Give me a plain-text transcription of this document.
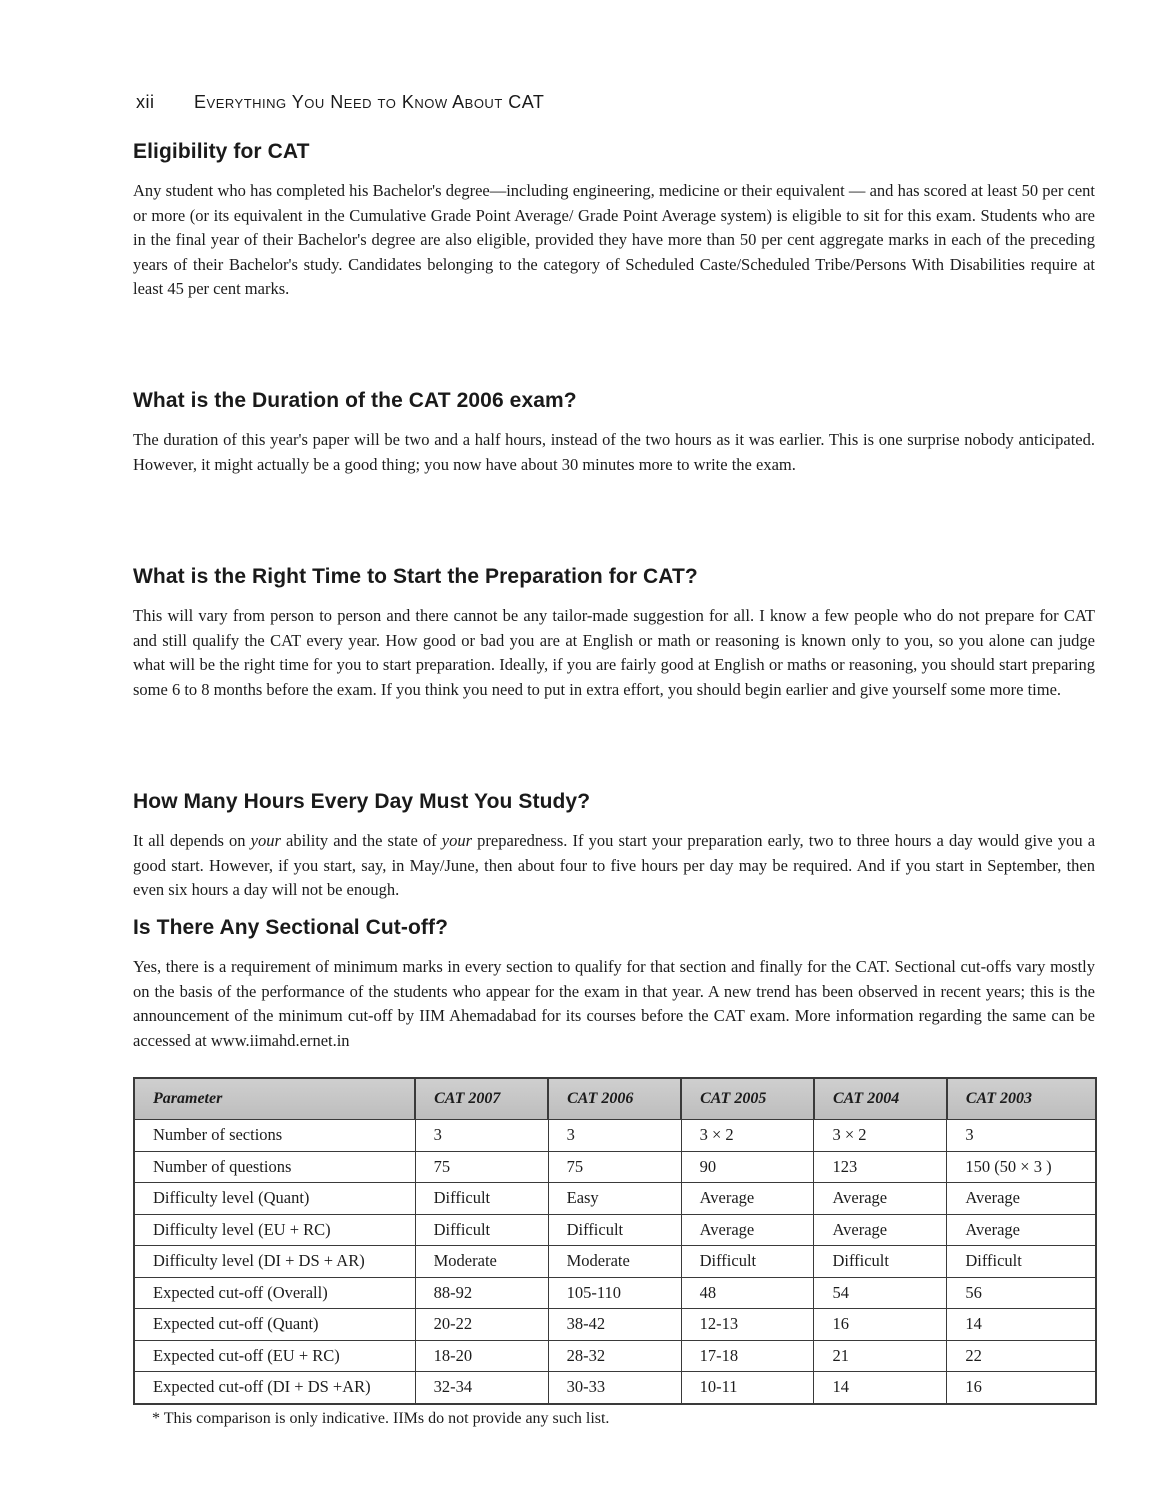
xii Everything You Need to Know About CAT
Eligibility for CAT

Any student who has completed his Bachelor's degree—including engineering, medicine or their equivalent — and has scored at least 50 per cent or more (or its equivalent in the Cumulative Grade Point Average/ Grade Point Average system) is eligible to sit for this exam. Students who are in the final year of their Bachelor's degree are also eligible, provided they have more than 50 per cent aggregate marks in each of the preceding years of their Bachelor's study. Candidates belonging to the category of Scheduled Caste/Scheduled Tribe/Persons With Disabilities require at least 45 per cent marks.

What is the Duration of the CAT 2006 exam?

The duration of this year's paper will be two and a half hours, instead of the two hours as it was earlier. This is one surprise nobody anticipated. However, it might actually be a good thing; you now have about 30 minutes more to write the exam.

What is the Right Time to Start the Preparation for CAT?

This will vary from person to person and there cannot be any tailor-made suggestion for all. I know a few people who do not prepare for CAT and still qualify the CAT every year. How good or bad you are at English or math or reasoning is known only to you, so you alone can judge what will be the right time for you to start preparation. Ideally, if you are fairly good at English or maths or reasoning, you should start preparing some 6 to 8 months before the exam. If you think you need to put in extra effort, you should begin earlier and give yourself some more time.

How Many Hours Every Day Must You Study?

It all depends on your ability and the state of your preparedness. If you start your preparation early, two to three hours a day would give you a good start. However, if you start, say, in May/June, then about four to five hours per day may be required. And if you start in September, then even six hours a day will not be enough.

Is There Any Sectional Cut-off?

Yes, there is a requirement of minimum marks in every section to qualify for that section and finally for the CAT. Sectional cut-offs vary mostly on the basis of the performance of the students who appear for the exam in that year. A new trend has been observed in recent years; this is the announcement of the minimum cut-off by IIM Ahemadabad for its courses before the CAT exam. More information regarding the same can be accessed at www.iimahd.ernet.in

Parameter	CAT 2007	CAT 2006	CAT 2005	CAT 2004	CAT 2003
Number of sections	3	3	3 × 2	3 × 2	3
Number of questions	75	75	90	123	150 (50 × 3 )
Difficulty level (Quant)	Difficult	Easy	Average	Average	Average
Difficulty level (EU + RC)	Difficult	Difficult	Average	Average	Average
Difficulty level (DI + DS + AR)	Moderate	Moderate	Difficult	Difficult	Difficult
Expected cut-off (Overall)	88-92	105-110	48	54	56
Expected cut-off (Quant)	20-22	38-42	12-13	16	14
Expected cut-off (EU + RC)	18-20	28-32	17-18	21	22
Expected cut-off (DI + DS +AR)	32-34	30-33	10-11	14	16
* This comparison is only indicative. IIMs do not provide any such list.
